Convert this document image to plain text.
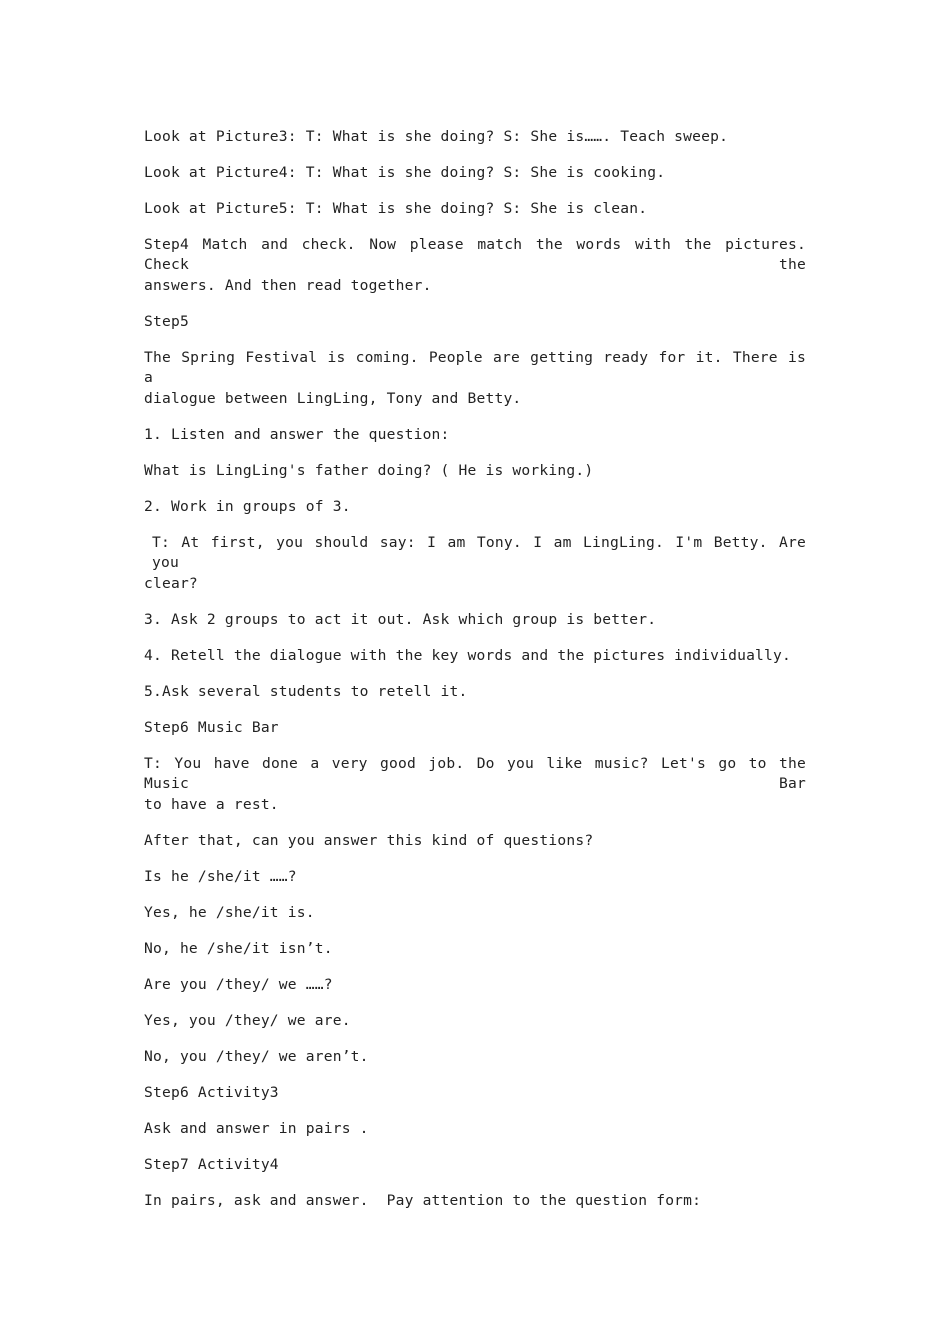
Look at Picture3: T: What is she doing? S: She is……. Teach sweep.
Look at Picture4: T: What is she doing? S: She is cooking.
Look at Picture5: T: What is she doing? S: She is clean.
Step4 Match and check. Now please match the words with the pictures. Check the
answers. And then read together.
Step5
The Spring Festival is coming. People are getting ready for it. There is a
dialogue between LingLing, Tony and Betty.
1. Listen and answer the question:
What is LingLing's father doing? ( He is working.)
2. Work in groups of 3.
T: At first, you should say: I am Tony. I am LingLing. I'm Betty. Are you
clear?
3. Ask 2 groups to act it out. Ask which group is better.
4. Retell the dialogue with the key words and the pictures individually.
5.Ask several students to retell it.
Step6 Music Bar
T: You have done a very good job. Do you like music? Let's go to the Music Bar
to have a rest.
After that, can you answer this kind of questions?
Is he /she/it ……?
Yes, he /she/it is.
No, he /she/it isn’t.
Are you /they/ we ……?
Yes, you /they/ we are.
No, you /they/ we aren’t.
Step6 Activity3
Ask and answer in pairs .
Step7 Activity4
In pairs, ask and answer.  Pay attention to the question form:
